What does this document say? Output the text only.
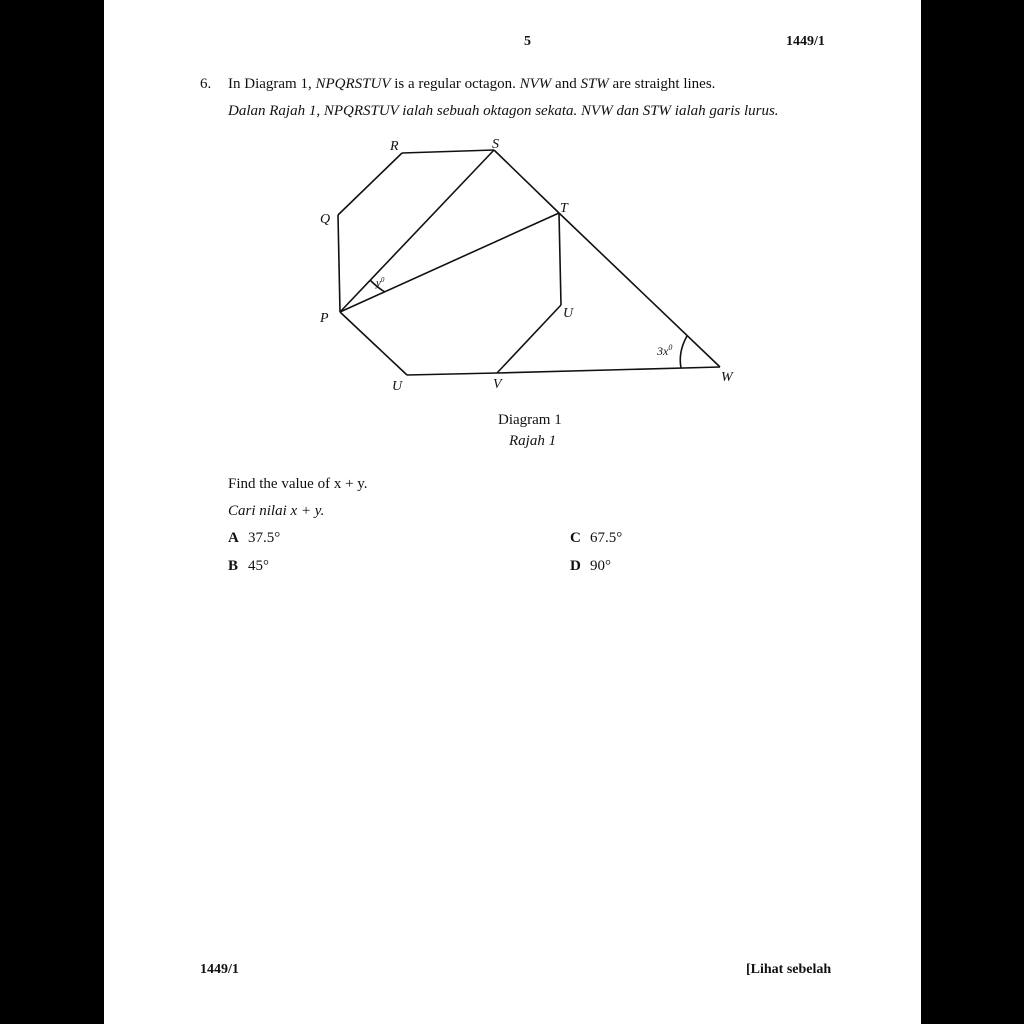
5	1449/1
6. In Diagram 1, NPQRSTUV is a regular octagon. NVW and STW are straight lines.
Dalan Rajah 1, NPQRSTUV ialah sebuah oktagon sekata. NVW dan STW ialah garis lurus.
R	S
T
Q
P	U
U	V	W
$y^0$
$3x^0$
Diagram 1
Rajah 1
Find the value of x + y.
Cari nilai x + y.
A 37.5°
B 45°
C 67.5°
D 90°
1449/1	[Lihat sebelah
